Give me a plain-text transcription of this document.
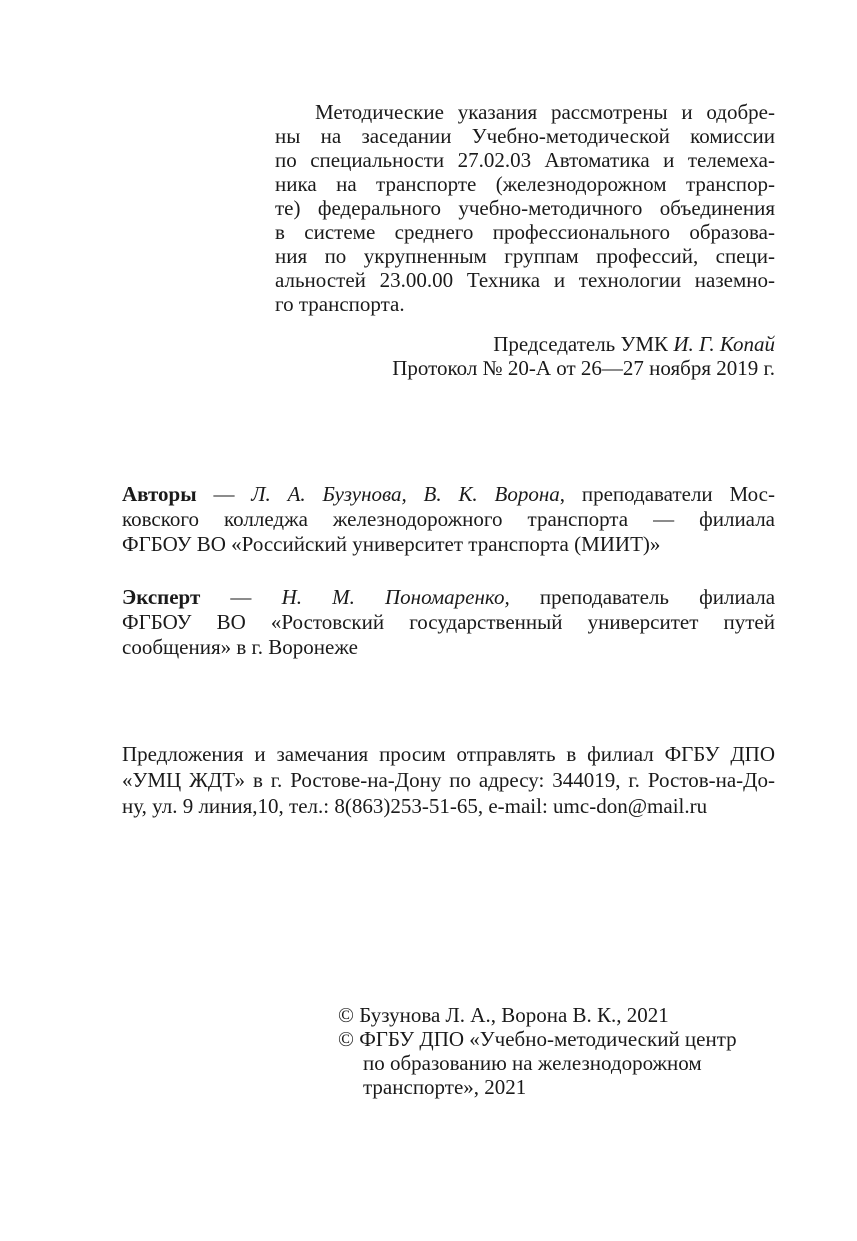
Методические указания рассмотрены и одобре-
ны на заседании Учебно-методической комиссии
по специальности 27.02.03 Автоматика и телемеха-
ника на транспорте (железнодорожном транспор-
те) федерального учебно-методичного объединения
в системе среднего профессионального образова-
ния по укрупненным группам профессий, специ-
альностей 23.00.00 Техника и технологии наземно-
го транспорта.
Председатель УМК И. Г. Копай
Протокол № 20-А от 26—27 ноября 2019 г.
Авторы — Л. А. Бузунова, В. К. Ворона, преподаватели Мос-
ковского колледжа железнодорожного транспорта — филиала
ФГБОУ ВО «Российский университет транспорта (МИИТ)»
Эксперт — Н. М. Пономаренко, преподаватель филиала
ФГБОУ ВО «Ростовский государственный университет путей
сообщения» в г. Воронеже
Предложения и замечания просим отправлять в филиал ФГБУ ДПО
«УМЦ ЖДТ» в г. Ростове-на-Дону по адресу: 344019, г. Ростов-на-До-
ну, ул. 9 линия,10, тел.: 8(863)253-51-65, e-mail: umc-don@mail.ru
© Бузунова Л. А., Ворона В. К., 2021
© ФГБУ ДПО «Учебно-методический центр
по образованию на железнодорожном
транспорте», 2021
